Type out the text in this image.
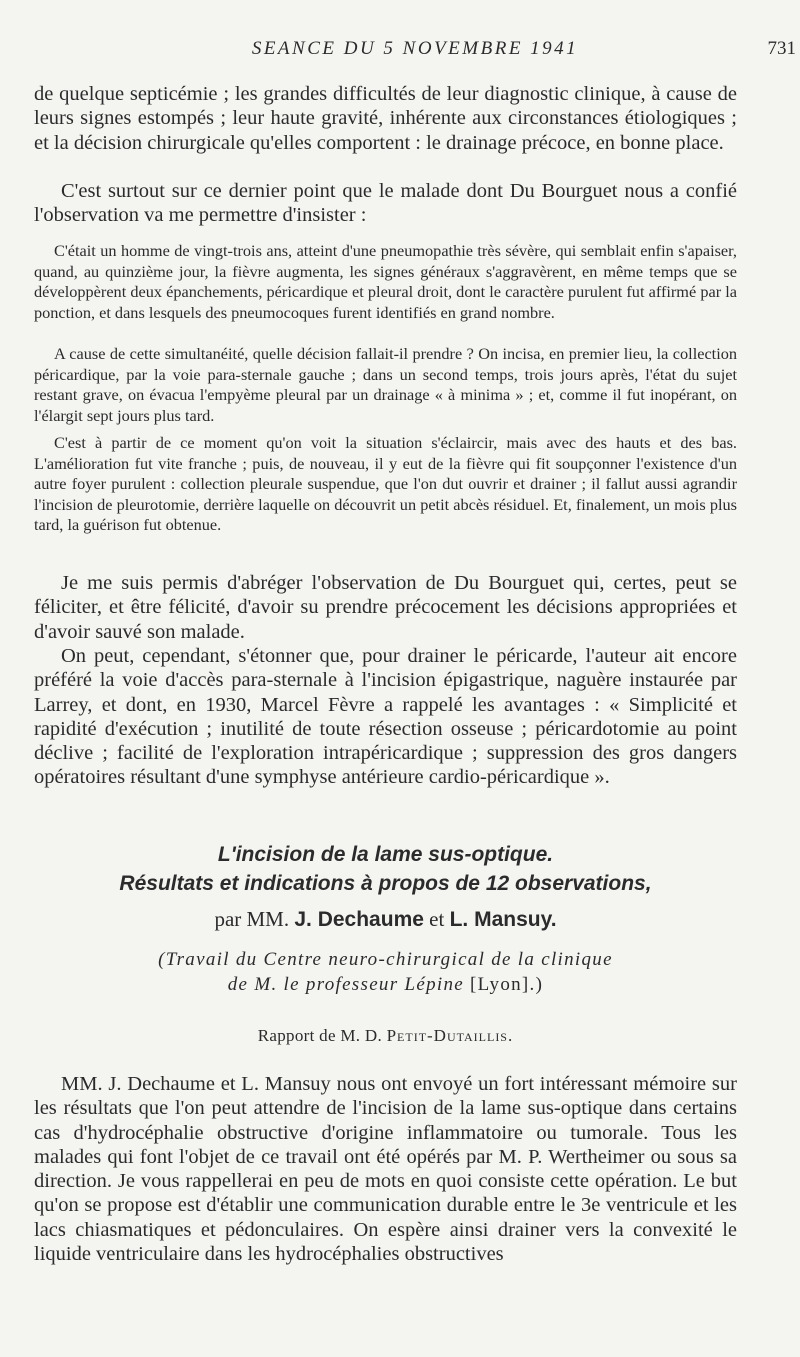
SEANCE DU 5 NOVEMBRE 1941	731

de quelque septicémie ; les grandes difficultés de leur diagnostic clinique, à cause de leurs signes estompés ; leur haute gravité, inhérente aux circonstances étiologiques ; et la décision chirurgicale qu'elles comportent : le drainage précoce, en bonne place.

C'est surtout sur ce dernier point que le malade dont Du Bourguet nous a confié l'observation va me permettre d'insister :

C'était un homme de vingt-trois ans, atteint d'une pneumopathie très sévère, qui semblait enfin s'apaiser, quand, au quinzième jour, la fièvre augmenta, les signes généraux s'aggravèrent, en même temps que se développèrent deux épanchements, péricardique et pleural droit, dont le caractère purulent fut affirmé par la ponction, et dans lesquels des pneumocoques furent identifiés en grand nombre.

A cause de cette simultanéité, quelle décision fallait-il prendre ? On incisa, en premier lieu, la collection péricardique, par la voie para-sternale gauche ; dans un second temps, trois jours après, l'état du sujet restant grave, on évacua l'empyème pleural par un drainage « à minima » ; et, comme il fut inopérant, on l'élargit sept jours plus tard.

C'est à partir de ce moment qu'on voit la situation s'éclaircir, mais avec des hauts et des bas. L'amélioration fut vite franche ; puis, de nouveau, il y eut de la fièvre qui fit soupçonner l'existence d'un autre foyer purulent : collection pleurale suspendue, que l'on dut ouvrir et drainer ; il fallut aussi agrandir l'incision de pleurotomie, derrière laquelle on découvrit un petit abcès résiduel. Et, finalement, un mois plus tard, la guérison fut obtenue.

Je me suis permis d'abréger l'observation de Du Bourguet qui, certes, peut se féliciter, et être félicité, d'avoir su prendre précocement les décisions appropriées et d'avoir sauvé son malade.

On peut, cependant, s'étonner que, pour drainer le péricarde, l'auteur ait encore préféré la voie d'accès para-sternale à l'incision épigastrique, naguère instaurée par Larrey, et dont, en 1930, Marcel Fèvre a rappelé les avantages : « Simplicité et rapidité d'exécution ; inutilité de toute résection osseuse ; péricardotomie au point déclive ; facilité de l'exploration intrapéricardique ; suppression des gros dangers opératoires résultant d'une symphyse antérieure cardio-péricardique ».

L'incision de la lame sus-optique.
Résultats et indications à propos de 12 observations,
par MM. J. Dechaume et L. Mansuy.
(Travail du Centre neuro-chirurgical de la clinique
de M. le professeur Lépine [Lyon].)
Rapport de M. D. Petit-Dutaillis.

MM. J. Dechaume et L. Mansuy nous ont envoyé un fort intéressant mémoire sur les résultats que l'on peut attendre de l'incision de la lame sus-optique dans certains cas d'hydrocéphalie obstructive d'origine inflammatoire ou tumorale. Tous les malades qui font l'objet de ce travail ont été opérés par M. P. Wertheimer ou sous sa direction. Je vous rappellerai en peu de mots en quoi consiste cette opération. Le but qu'on se propose est d'établir une communication durable entre le 3e ventricule et les lacs chiasmatiques et pédonculaires. On espère ainsi drainer vers la convexité le liquide ventriculaire dans les hydrocéphalies obstructives
